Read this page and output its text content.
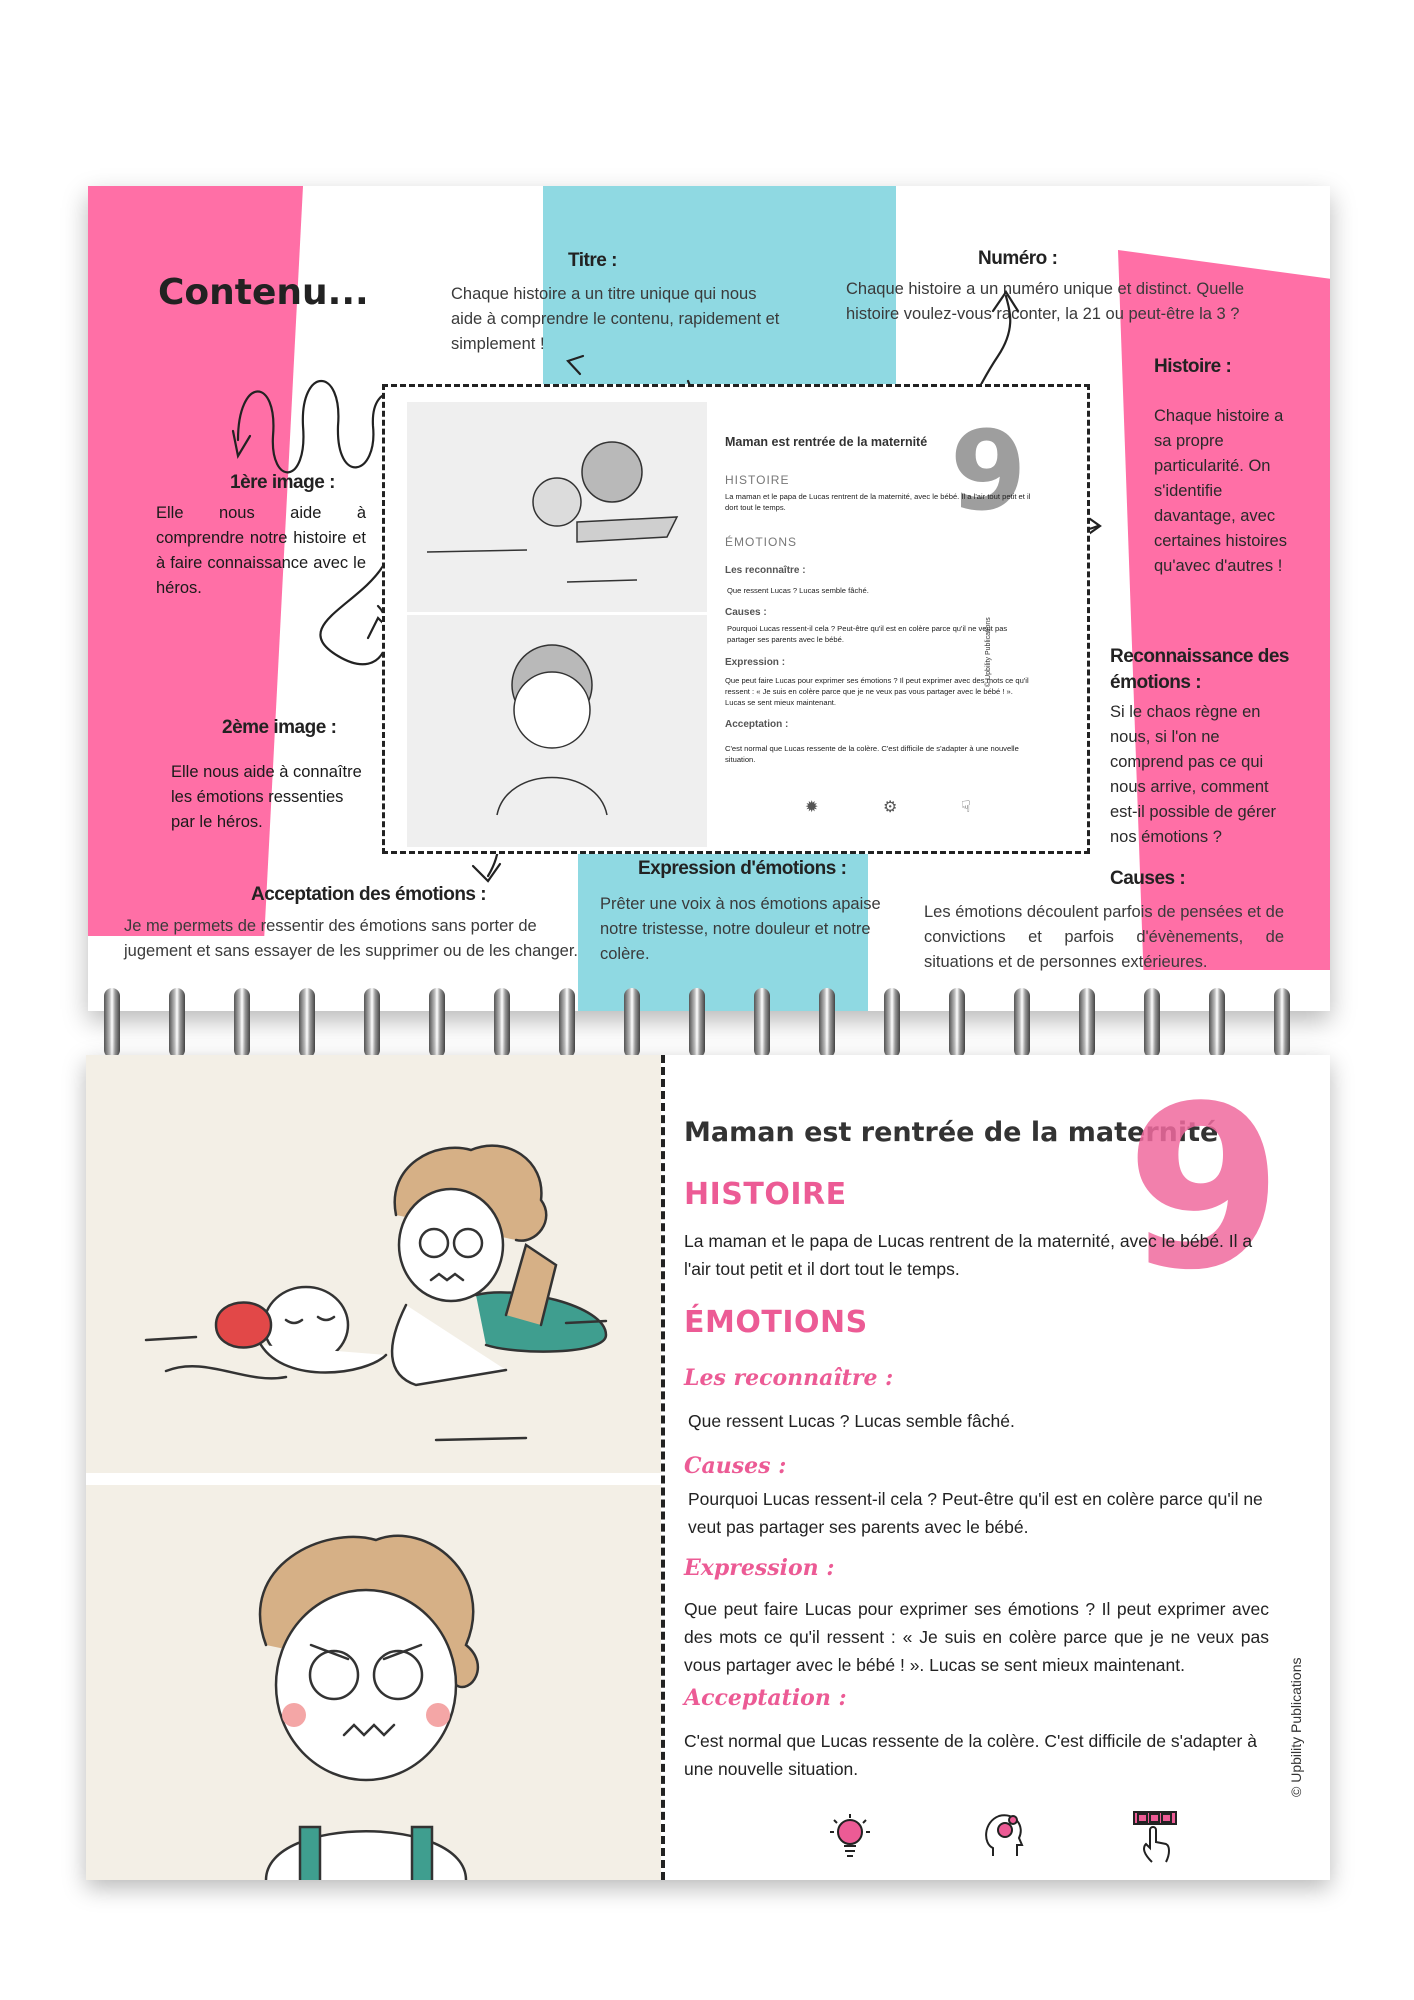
Contenu...
Titre :
Chaque histoire a un titre unique qui nous aide à comprendre le contenu, rapidement et simplement !
Numéro :
Chaque histoire a un numéro unique et distinct. Quelle histoire voulez-vous raconter, la 21 ou peut-être la 3 ?
Histoire :
Chaque histoire a sa propre particularité. On s'identifie davantage, avec certaines histoires qu'avec d'autres !
1ère image :
Elle nous aide à comprendre notre histoire et à faire connaissance avec le héros.
2ème image :
Elle nous aide à connaître les émotions ressenties par le héros.
Reconnaissance des émotions :
Si le chaos règne en nous, si l'on ne comprend pas ce qui nous arrive, comment est-il possible de gérer nos émotions ?
Causes :
Les émotions découlent parfois de pensées et de convictions et parfois d'évènements, de situations et de personnes extérieures.
Expression d'émotions :
Prêter une voix à nos émotions apaise notre tristesse, notre douleur et notre colère.
Acceptation des émotions :
Je me permets de ressentir des émotions sans porter de jugement et sans essayer de les supprimer ou de les changer.
Maman est rentrée de la maternité 9
HISTOIRE
La maman et le papa de Lucas rentrent de la maternité, avec le bébé. Il a l'air tout petit et il dort tout le temps.
ÉMOTIONS
Les reconnaître :
Que ressent Lucas ? Lucas semble fâché.
Causes :
Pourquoi Lucas ressent-il cela ? Peut-être qu'il est en colère parce qu'il ne veut pas partager ses parents avec le bébé.
Expression :
Que peut faire Lucas pour exprimer ses émotions ? Il peut exprimer avec des mots ce qu'il ressent : « Je suis en colère parce que je ne veux pas vous partager avec le bébé ! ». Lucas se sent mieux maintenant.
Acceptation :
C'est normal que Lucas ressente de la colère. C'est difficile de s'adapter à une nouvelle situation.
© Upbility Publications
✹	⚙	☟
Maman est rentrée de la maternité
9
HISTOIRE
La maman et le papa de Lucas rentrent de la maternité, avec le bébé. Il a l'air tout petit et il dort tout le temps.
ÉMOTIONS
Les reconnaître :
Que ressent Lucas ? Lucas semble fâché.
Causes :
Pourquoi Lucas ressent-il cela ? Peut-être qu'il est en colère parce qu'il ne veut pas partager ses parents avec le bébé.
Expression :
Que peut faire Lucas pour exprimer ses émotions ? Il peut exprimer avec des mots ce qu'il ressent : « Je suis en colère parce que je ne veux pas vous partager avec le bébé ! ». Lucas se sent mieux maintenant.
Acceptation :
C'est normal que Lucas ressente de la colère. C'est difficile de s'adapter à une nouvelle situation.	© Upbility Publications
